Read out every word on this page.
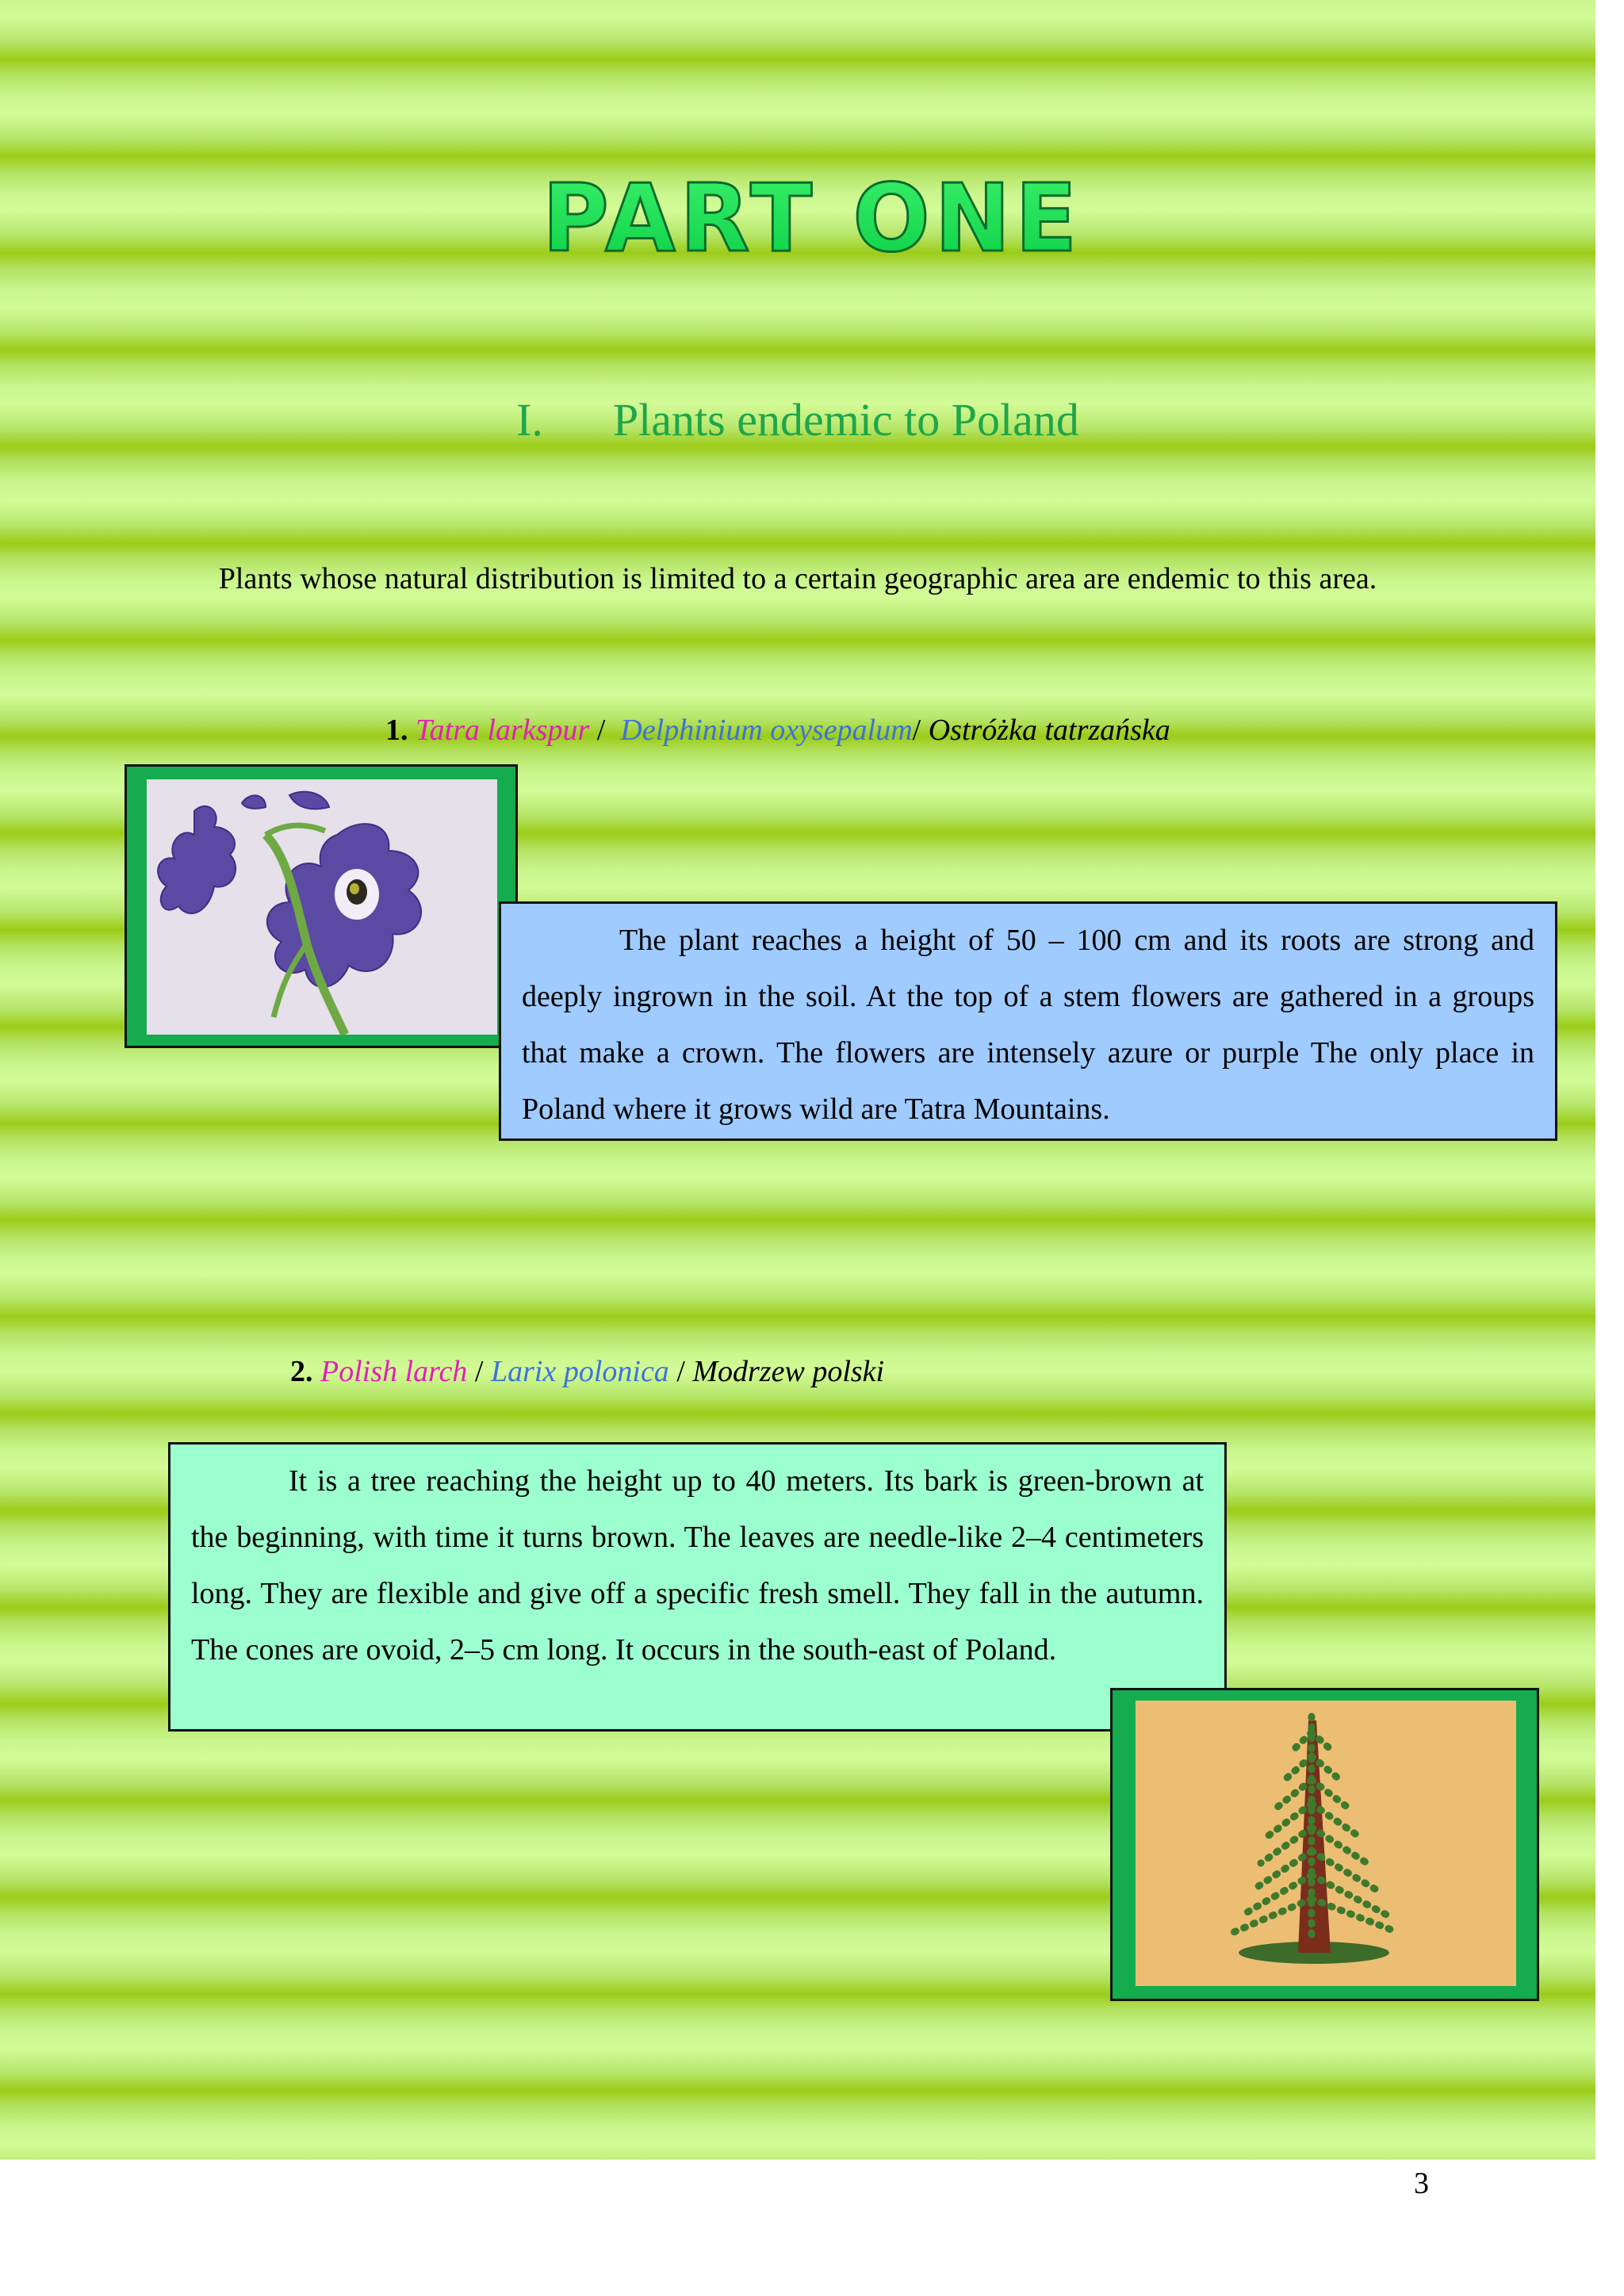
PART ONE
I. Plants endemic to Poland
Plants whose natural distribution is limited to a certain geographic area are endemic to this area.
1. Tatra larkspur /  Delphinium oxysepalum/ Ostróżka tatrzańska

The plant reaches a height of 50 – 100 cm and its roots are strong and deeply ingrown in the soil. At the top of a stem flowers are gathered in a groups that make a crown. The flowers are intensely azure or purple The only place in Poland where it grows wild are Tatra Mountains.

2. Polish larch / Larix polonica / Modrzew polski

It is a tree reaching the height up to 40 meters. Its bark is green-brown at the beginning, with time it turns brown. The leaves are needle-like 2–4 centimeters long. They are flexible and give off a specific fresh smell. They fall in the autumn. The cones are ovoid, 2–5 cm long. It occurs in the south-east of Poland.

3
